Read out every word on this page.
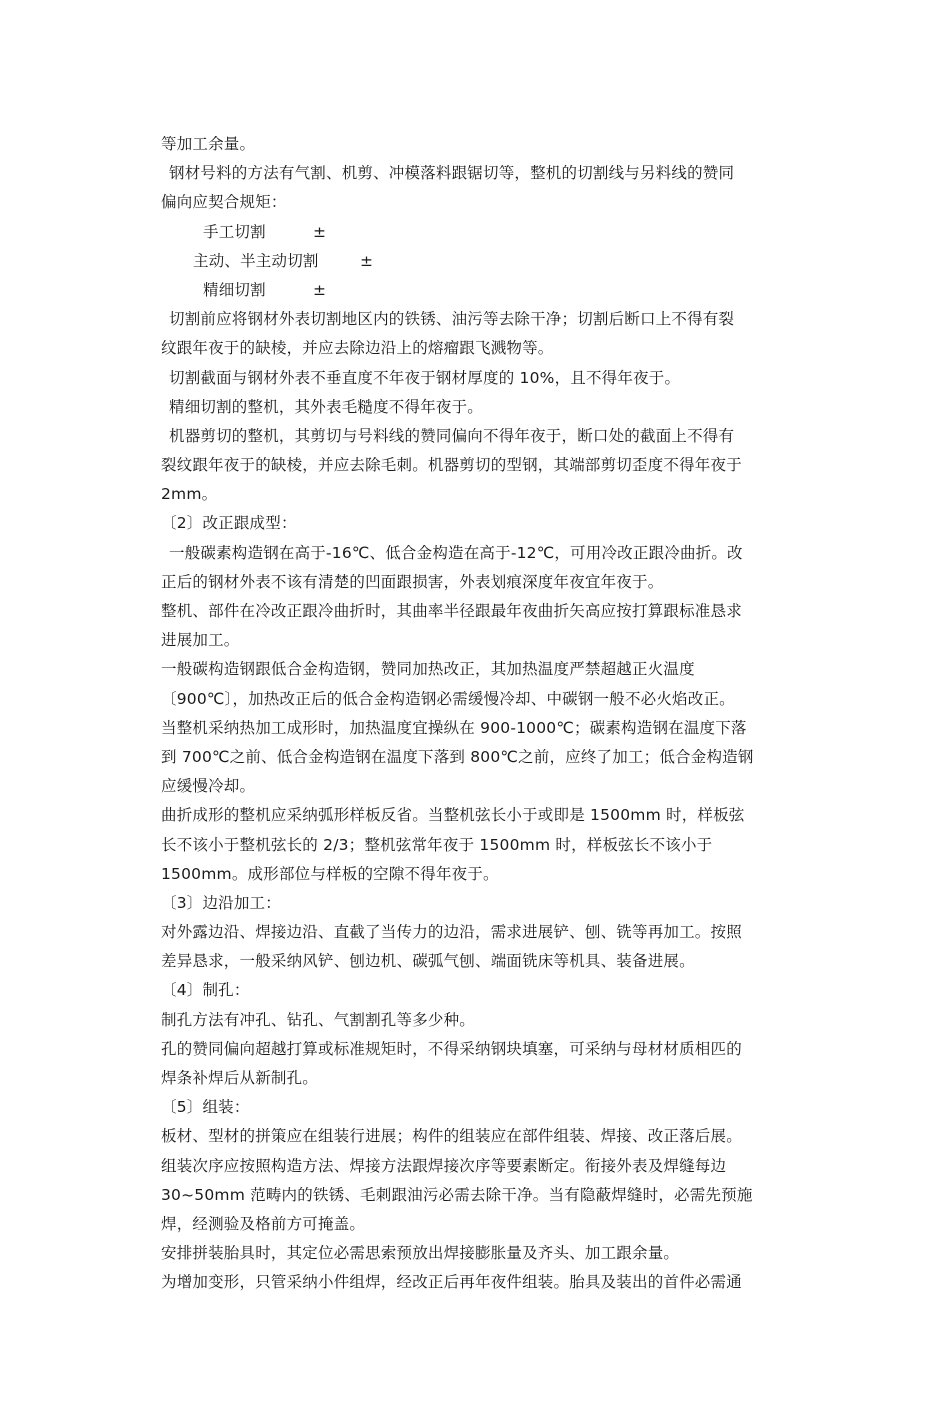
等加工余量。
钢材号料的方法有气割、机剪、冲模落料跟锯切等，整机的切割线与另料线的赞同
偏向应契合规矩：
手工切割	±
主动、半主动切割	±
精细切割	±
切割前应将钢材外表切割地区内的铁锈、油污等去除干净；切割后断口上不得有裂
纹跟年夜于的缺棱，并应去除边沿上的熔瘤跟飞溅物等。
切割截面与钢材外表不垂直度不年夜于钢材厚度的 10%，且不得年夜于。
精细切割的整机，其外表毛糙度不得年夜于。
机器剪切的整机，其剪切与号料线的赞同偏向不得年夜于，断口处的截面上不得有
裂纹跟年夜于的缺棱，并应去除毛刺。机器剪切的型钢，其端部剪切歪度不得年夜于
2mm。
〔2〕改正跟成型：
一般碳素构造钢在高于-16℃、低合金构造在高于-12℃，可用冷改正跟冷曲折。改
正后的钢材外表不该有清楚的凹面跟损害，外表划痕深度年夜宜年夜于。
整机、部件在冷改正跟冷曲折时，其曲率半径跟最年夜曲折矢高应按打算跟标准恳求
进展加工。
一般碳构造钢跟低合金构造钢，赞同加热改正，其加热温度严禁超越正火温度
〔900℃〕，加热改正后的低合金构造钢必需缓慢冷却、中碳钢一般不必火焰改正。
当整机采纳热加工成形时，加热温度宜操纵在 900-1000℃；碳素构造钢在温度下落
到 700℃之前、低合金构造钢在温度下落到 800℃之前，应终了加工；低合金构造钢
应缓慢冷却。
曲折成形的整机应采纳弧形样板反省。当整机弦长小于或即是 1500mm 时，样板弦
长不该小于整机弦长的 2/3；整机弦常年夜于 1500mm 时，样板弦长不该小于
1500mm。成形部位与样板的空隙不得年夜于。
〔3〕边沿加工：
对外露边沿、焊接边沿、直截了当传力的边沿，需求进展铲、刨、铣等再加工。按照
差异恳求，一般采纳风铲、刨边机、碳弧气刨、端面铣床等机具、装备进展。
〔4〕制孔：
制孔方法有冲孔、钻孔、气割割孔等多少种。
孔的赞同偏向超越打算或标准规矩时，不得采纳钢块填塞，可采纳与母材材质相匹的
焊条补焊后从新制孔。
〔5〕组装：
板材、型材的拼策应在组装行进展；构件的组装应在部件组装、焊接、改正落后展。
组装次序应按照构造方法、焊接方法跟焊接次序等要素断定。衔接外表及焊缝每边
30~50mm 范畴内的铁锈、毛刺跟油污必需去除干净。当有隐蔽焊缝时，必需先预施
焊，经测验及格前方可掩盖。
安排拼装胎具时，其定位必需思索预放出焊接膨胀量及齐头、加工跟余量。
为增加变形，只管采纳小件组焊，经改正后再年夜件组装。胎具及装出的首件必需通
